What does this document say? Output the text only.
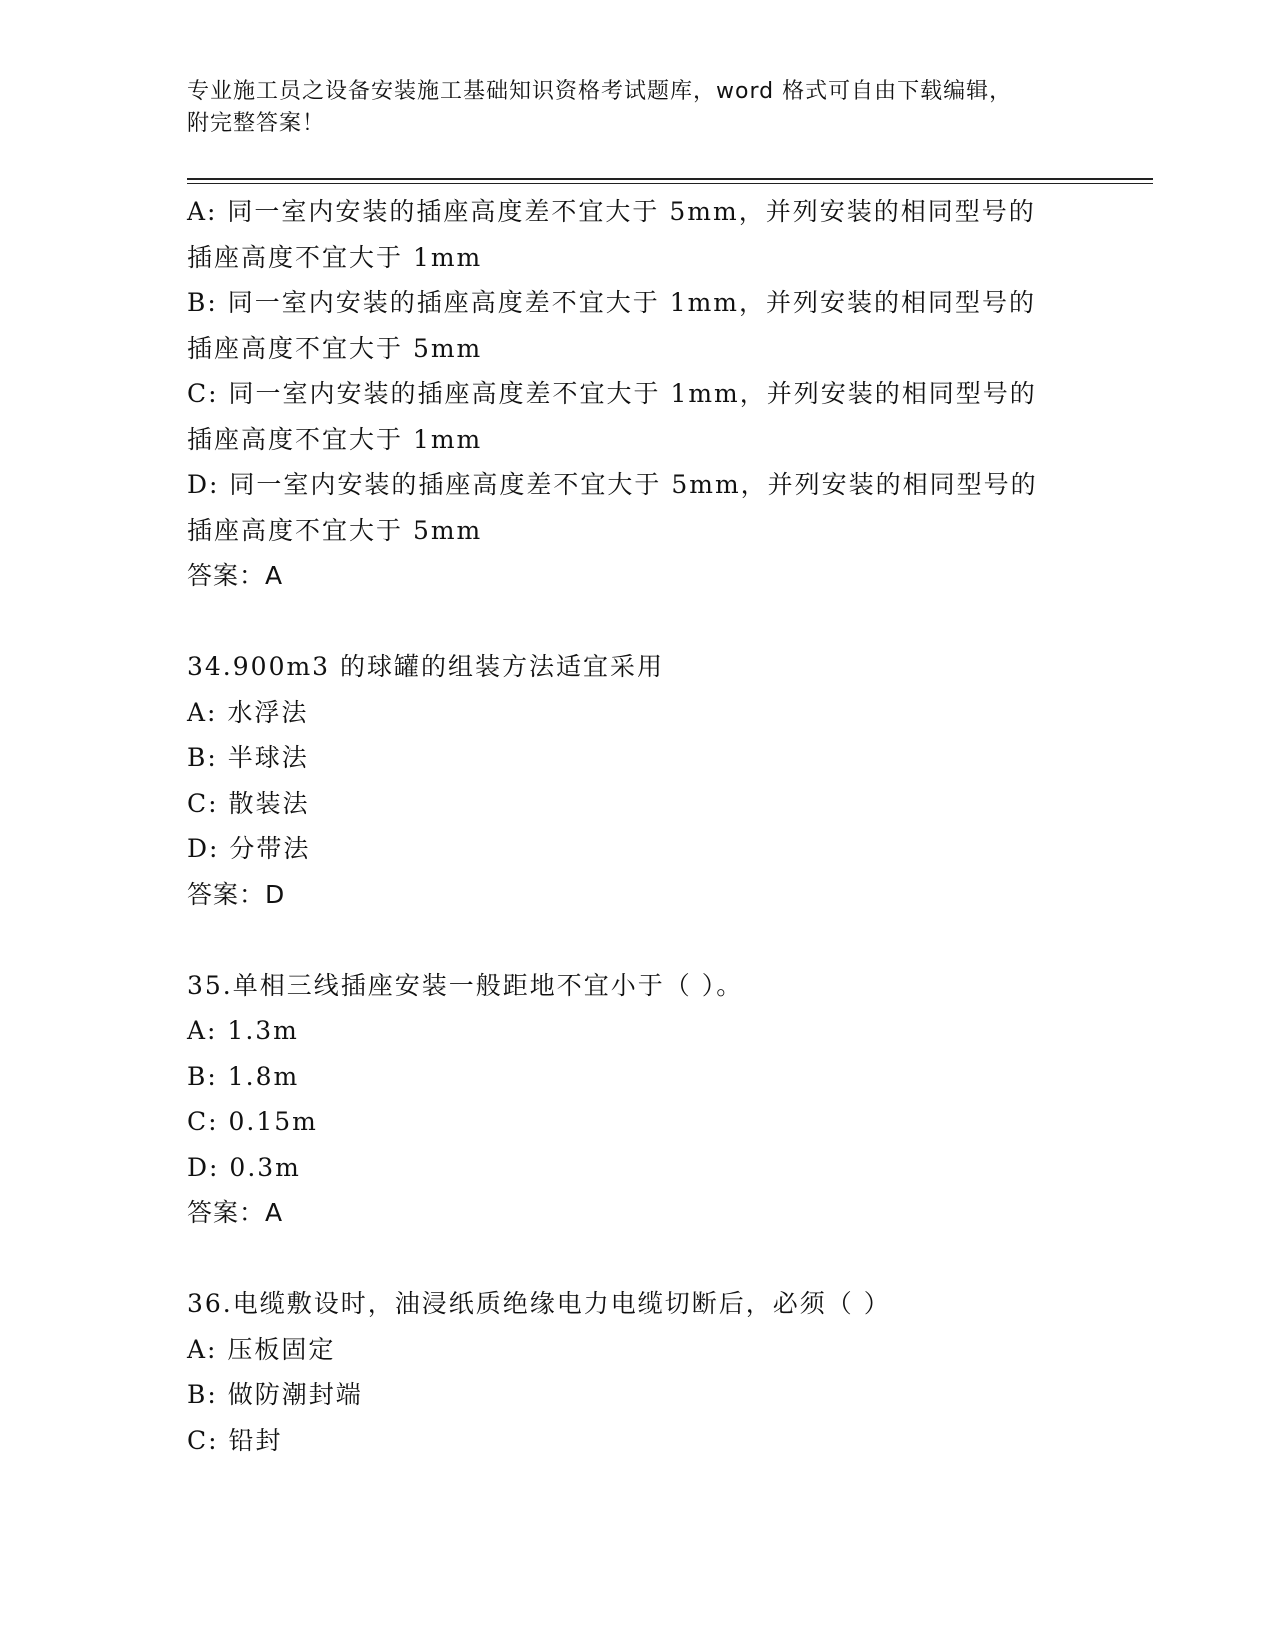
专业施工员之设备安装施工基础知识资格考试题库，word 格式可自由下载编辑，
附完整答案！
A: 同一室内安装的插座高度差不宜大于 5mm，并列安装的相同型号的
插座高度不宜大于 1mm
B: 同一室内安装的插座高度差不宜大于 1mm，并列安装的相同型号的
插座高度不宜大于 5mm
C: 同一室内安装的插座高度差不宜大于 1mm，并列安装的相同型号的
插座高度不宜大于 1mm
D: 同一室内安装的插座高度差不宜大于 5mm，并列安装的相同型号的
插座高度不宜大于 5mm
答案：A
34.900m3 的球罐的组装方法适宜采用
A: 水浮法
B: 半球法
C: 散装法
D: 分带法
答案：D
35.单相三线插座安装一般距地不宜小于（ ）。
A: 1.3m
B: 1.8m
C: 0.15m
D: 0.3m
答案：A
36.电缆敷设时，油浸纸质绝缘电力电缆切断后，必须（ ）
A: 压板固定
B: 做防潮封端
C: 铅封
